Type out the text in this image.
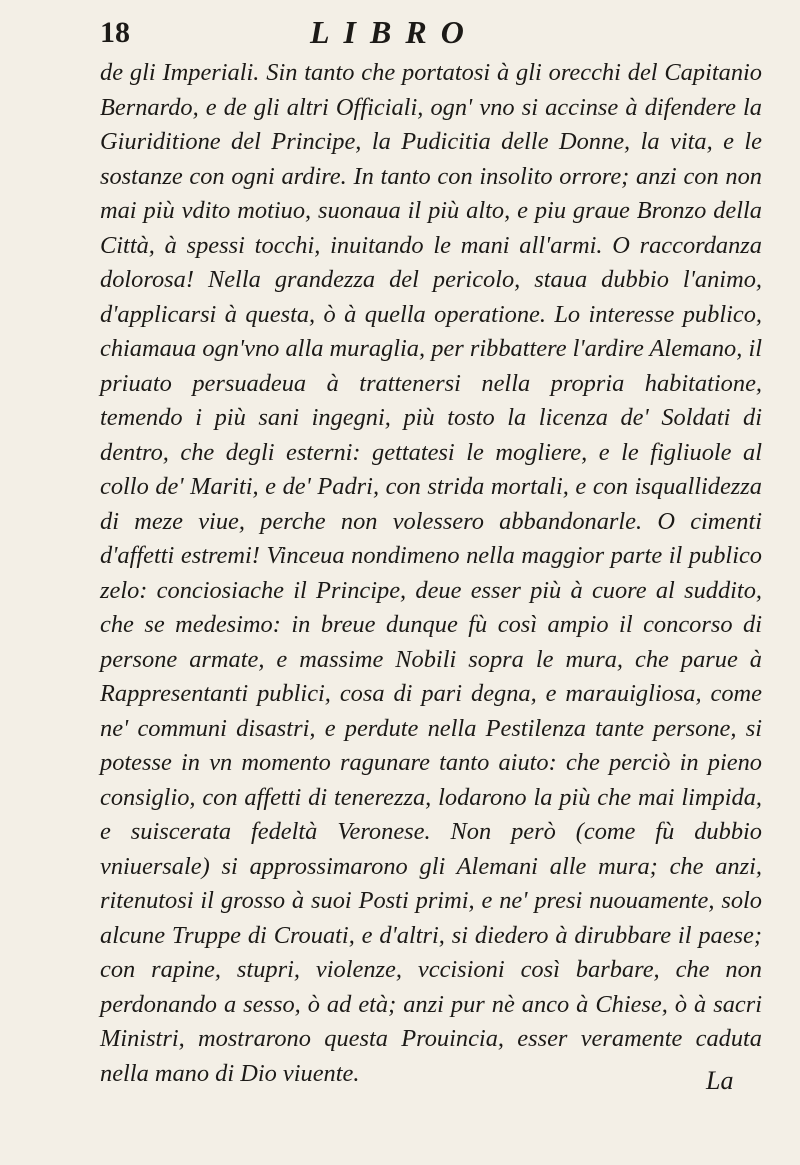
18	LIBRO
de gli Imperiali. Sin tanto che portatosi à gli orecchi del Capitanio Bernardo, e de gli altri Officiali, ogn' vno si accinse à difendere la Giuriditione del Principe, la Pudicitia delle Donne, la vita, e le sostanze con ogni ardire. In tanto con insolito orrore; anzi con non mai più vdito motiuo, suonaua il più alto, e piu graue Bronzo della Città, à spessi tocchi, inuitando le mani all'armi. O raccordanza dolorosa! Nella grandezza del pericolo, staua dubbio l'animo, d'applicarsi à questa, ò à quella operatione. Lo interesse publico, chiamaua ogn'vno alla muraglia, per ribbattere l'ardire Alemano, il priuato persuadeua à trattenersi nella propria habitatione, temendo i più sani ingegni, più tosto la licenza de' Soldati di dentro, che degli esterni: gettatesi le mogliere, e le figliuole al collo de' Mariti, e de' Padri, con strida mortali, e con isquallidezza di meze viue, perche non volessero abbandonarle. O cimenti d'affetti estremi! Vinceua nondimeno nella maggior parte il publico zelo: conciosiache il Principe, deue esser più à cuore al suddito, che se medesimo: in breue dunque fù così ampio il concorso di persone armate, e massime Nobili sopra le mura, che parue à Rappresentanti publici, cosa di pari degna, e marauigliosa, come ne' communi disastri, e perdute nella Pestilenza tante persone, si potesse in vn momento ragunare tanto aiuto: che perciò in pieno consiglio, con affetti di tenerezza, lodarono la più che mai limpida, e suiscerata fedeltà Veronese. Non però (come fù dubbio vniuersale) si approssimarono gli Alemani alle mura; che anzi, ritenutosi il grosso à suoi Posti primi, e ne' presi nuouamente, solo alcune Truppe di Crouati, e d'altri, si diedero à dirubbare il paese; con rapine, stupri, violenze, vccisioni così barbare, che non perdonando a sesso, ò ad età; anzi pur nè anco à Chiese, ò à sacri Ministri, mostrarono questa Prouincia, esser veramente caduta nella mano di Dio viuente.	La
